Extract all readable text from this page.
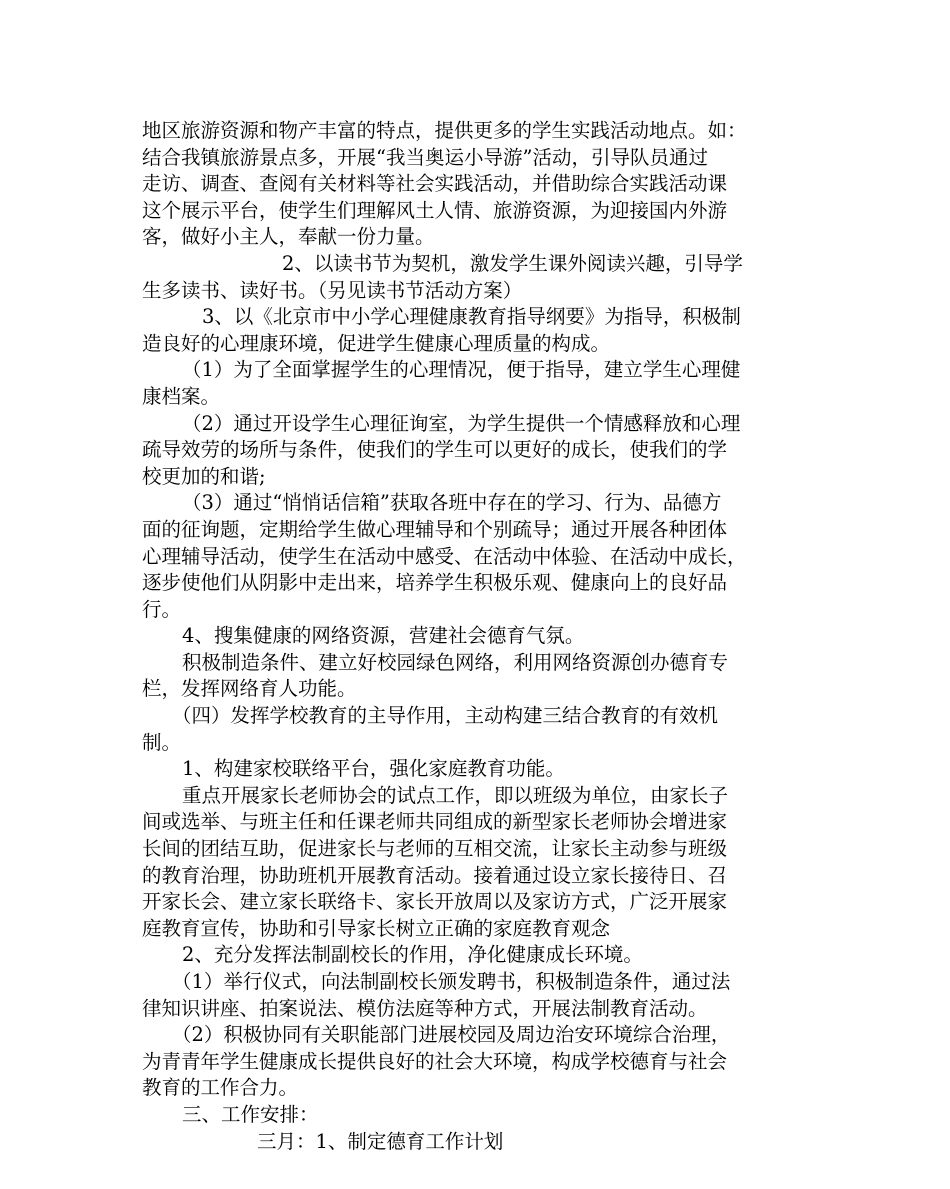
地区旅游资源和物产丰富的特点，提供更多的学生实践活动地点。如：
结合我镇旅游景点多，开展“我当奥运小导游”活动，引导队员通过
走访、调查、查阅有关材料等社会实践活动，并借助综合实践活动课
这个展示平台，使学生们理解风土人情、旅游资源，为迎接国内外游
客，做好小主人，奉献一份力量。
2、以读书节为契机，激发学生课外阅读兴趣，引导学
生多读书、读好书。（另见读书节活动方案）
3、以《北京市中小学心理健康教育指导纲要》为指导，积极制
造良好的心理康环境，促进学生健康心理质量的构成。
（1）为了全面掌握学生的心理情况，便于指导，建立学生心理健
康档案。
（2）通过开设学生心理征询室，为学生提供一个情感释放和心理
疏导效劳的场所与条件，使我们的学生可以更好的成长，使我们的学
校更加的和谐;
（3）通过“悄悄话信箱”获取各班中存在的学习、行为、品德方
面的征询题，定期给学生做心理辅导和个别疏导；通过开展各种团体
心理辅导活动，使学生在活动中感受、在活动中体验、在活动中成长，
逐步使他们从阴影中走出来，培养学生积极乐观、健康向上的良好品
行。
4、搜集健康的网络资源，营建社会德育气氛。
积极制造条件、建立好校园绿色网络，利用网络资源创办德育专
栏，发挥网络育人功能。
（四）发挥学校教育的主导作用，主动构建三结合教育的有效机
制。
1、构建家校联络平台，强化家庭教育功能。
重点开展家长老师协会的试点工作，即以班级为单位，由家长子
间或选举、与班主任和任课老师共同组成的新型家长老师协会增进家
长间的团结互助，促进家长与老师的互相交流，让家长主动参与班级
的教育治理，协助班机开展教育活动。接着通过设立家长接待日、召
开家长会、建立家长联络卡、家长开放周以及家访方式，广泛开展家
庭教育宣传，协助和引导家长树立正确的家庭教育观念
2、充分发挥法制副校长的作用，净化健康成长环境。
（1）举行仪式，向法制副校长颁发聘书，积极制造条件，通过法
律知识讲座、拍案说法、模仿法庭等种方式，开展法制教育活动。
（2）积极协同有关职能部门进展校园及周边治安环境综合治理，
为青青年学生健康成长提供良好的社会大环境，构成学校德育与社会
教育的工作合力。
三、工作安排：
三月：1、制定德育工作计划
